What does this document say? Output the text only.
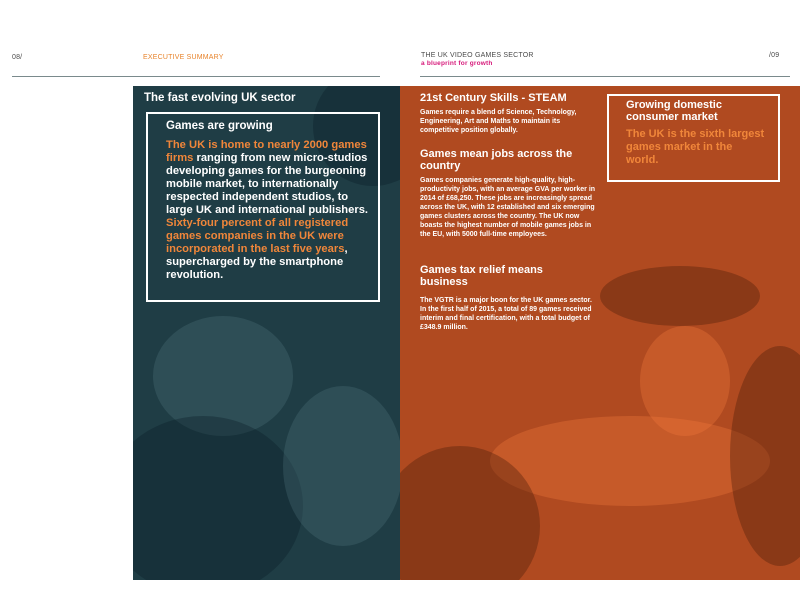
08/	EXECUTIVE SUMMARY	THE UK VIDEO GAMES SECTOR
a blueprint for growth
/09
The fast evolving UK sector
Games are growing
The UK is home to nearly 2000 games firms ranging from new micro-studios developing games for the burgeoning mobile market, to internationally respected independent studios, to large UK and international publishers. Sixty-four percent of all registered games companies in the UK were incorporated in the last five years, supercharged by the smartphone revolution.
21st Century Skills - STEAM
Games require a blend of Science, Technology, Engineering, Art and Maths to maintain its competitive position globally.
Games mean jobs across the country
Games companies generate high-quality, high-productivity jobs, with an average GVA per worker in 2014 of £68,250. These jobs are increasingly spread across the UK, with 12 established and six emerging games clusters across the country. The UK now boasts the highest number of mobile games jobs in the EU, with 5000 full-time employees.
Games tax relief means business
The VGTR is a major boon for the UK games sector. In the first half of 2015, a total of 89 games received interim and final certification, with a total budget of £348.9 million.
Growing domestic consumer market
The UK is the sixth largest games market in the world.
